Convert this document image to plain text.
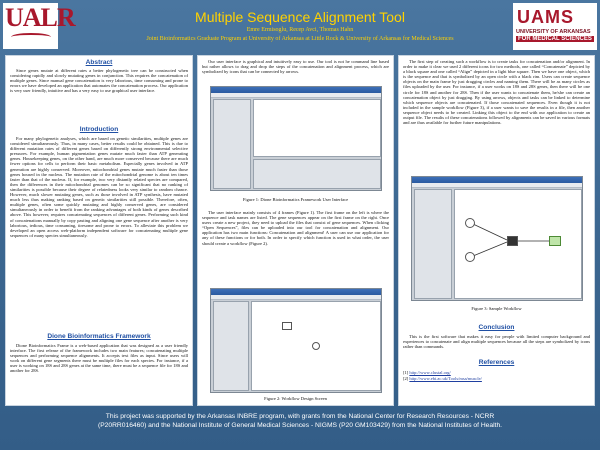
UALR	UAMS
UNIVERSITY OF ARKANSAS
FOR MEDICAL SCIENCES
Multiple Sequence Alignment Tool
Emre Ermisoglu, Recep Avci, Thomas Hahn
Joint Bioinformatics Graduate Program at University of Arkansas at Little Rock & University of Arkansas for Medical Sciences
Abstract

Since genes mutate at different rates a better phylogenetic tree can be constructed when considering rapidly and slowly mutating genes in conjunction. This requires the concatenation of multiple genes. Since manual gene concatenation is very laborious, time consuming and prone to errors we have developed an application that automates the concatenation process. Our application is very user friendly, intuitive and has a very easy to use graphical user interface.

Introduction

For many phylogenetic analyses, which are based on genetic similarities, multiple genes are considered simultaneously. Thus, in many cases, better results could be obtained. This is due to different mutation rates of different genes based on differently strong environmental selective pressures. For example, human pigmentation genes mutate much faster than ATP generating genes. Housekeeping genes, on the other hand, are much more conserved because there are much fewer options for cells to perform their basic metabolism. Especially genes involved in ATP generation are highly conserved. Moreover, mitochondrial genes mutate much faster than those genes housed in the nucleus. The mutation rate of the mitochondrial genome is about ten times faster than that of the nucleus. If, for example, two very distantly related species are compared, then the differences in their mitochondrial genomes can be so significant that no ranking of similarities is possible because their degree of relatedness looks very similar to random chance. However, much slower mutating genes, such as those involved in ATP synthesis, have mutated much less thus making ranking based on genetic similarities still possible. Therefore, often, multiple genes, often some quickly mutating and highly conserved genes, are considered simultaneously in order to benefit from the ranking advantages of both kinds of genes described above. This however, requires concatenating sequences of different genes. Performing such kind of concatenations manually by copy pasting and aligning one gene sequence after another is very laborious, tedious, time consuming, tiresome and prone to errors. To alleviate this problem we developed an open access web-platform independent software for concatenating multiple gene sequences of many species simultaneously.

Dione Bioinformatics Framework

Dione Bioinformatics Frame is a web-based application that was designed as a user friendly interface. The first release of the framework includes two main features; concatenating multiple sequences and performing sequence alignments. It accepts text files as input. Since users will work on different gene segments there must be multiple files for each species. For instance, if a user is working on 18S and 28S genes at the same time, there must be a sequence file for 18S and another for 28S.

Our user interface is graphical and intuitively easy to use. Our tool is not he command line based but rather allows to drag and drop the steps of the concatenation and alignment process, which are symbolized by icons that can be connected by arrows.

Figure 1: Dione Bioinformatics Framework User Interface

The user interface mainly consists of 4 frames (Figure 1). The first frame on the left is where the sequence and task names are listed. The gene sequences appear on the first frame on the right. Once users create a new project, they need to upload the files that consist of gene sequences. When clicking “Open Sequences”, files can be uploaded into our tool for concatenation and alignment. Our application has two main functions: Concatenation and alignment! A user can use our application for any of these functions or for both. In order to specify which function is used in what order, the user should create a workflow (Figure 2).

Figure 2: Workflow Design Screen

The first step of creating such a workflow is to create tasks for concatenation and/or alignment. In order to make it clear we used 2 different icons for two methods, one called “Concatenate” depicted by a black square and one called “Align” depicted in a light blue square. Then we have one object, which is the sequence and that is symbolized by an open circle with a black rim. Users can create sequence objects on the main frame by just dragging circles and naming them. There will be as many circles as files uploaded by the user. For instance, if a user works on 18S and 28S genes, then there will be one circle for 18S and another for 28S. Then if the user wants to concatenate them, he/she can create an concatenation object by just dragging. By using arrows, objects and tasks can be linked to determine which sequence objects are concatenated. If those concatenated sequences. Even though it is not included in the sample workflow (Figure 3), if a user wants to save the results in a file, then another sequence object needs to be created. Linking this object to the end with our application to create an output file. The results of these concatenations followed by alignments can be saved in various formats and are thus available for further future manipulations.

Figure 3: Sample Workflow
Conclusion

This is the first software that makes it easy for people with limited computer background and experiences to concatenate and align multiple sequences because all the steps are symbolized by icons rather than commands.

References
[1] http://www.clustal.org/
[2] http://www.ebi.ac.uk/Tools/msa/muscle/
This project was supported by the Arkansas INBRE program, with grants from the National Center for Research Resources - NCRR
(P20RR016460) and the National Institute of General Medical Sciences - NIGMS (P20 GM103429) from the National Institutes of Health.
